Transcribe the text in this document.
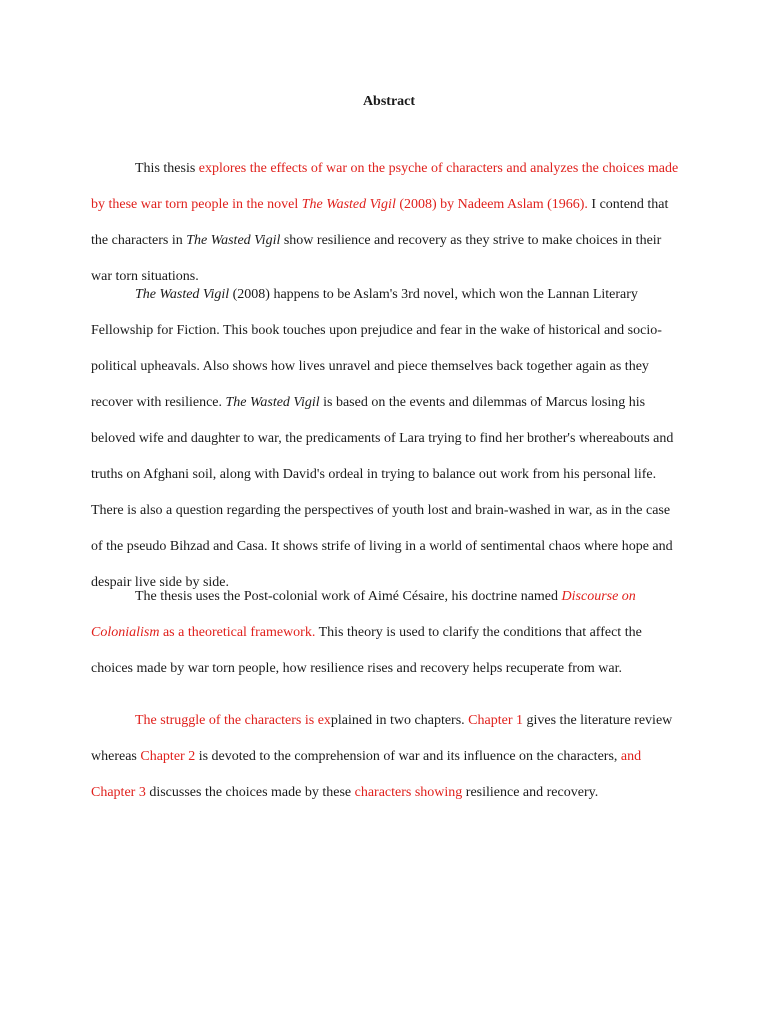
Abstract

This thesis explores the effects of war on the psyche of characters and analyzes the choices made by these war torn people in the novel The Wasted Vigil (2008) by Nadeem Aslam (1966). I contend that the characters in The Wasted Vigil show resilience and recovery as they strive to make choices in their war torn situations.

The Wasted Vigil (2008) happens to be Aslam's 3rd novel, which won the Lannan Literary Fellowship for Fiction. This book touches upon prejudice and fear in the wake of historical and socio-political upheavals. Also shows how lives unravel and piece themselves back together again as they recover with resilience. The Wasted Vigil is based on the events and dilemmas of Marcus losing his beloved wife and daughter to war, the predicaments of Lara trying to find her brother's whereabouts and truths on Afghani soil, along with David's ordeal in trying to balance out work from his personal life. There is also a question regarding the perspectives of youth lost and brain-washed in war, as in the case of the pseudo Bihzad and Casa. It shows strife of living in a world of sentimental chaos where hope and despair live side by side.

The thesis uses the Post-colonial work of Aimé Césaire, his doctrine named Discourse on Colonialism as a theoretical framework. This theory is used to clarify the conditions that affect the choices made by war torn people, how resilience rises and recovery helps recuperate from war.

The struggle of the characters is explained in two chapters. Chapter 1 gives the literature review whereas Chapter 2 is devoted to the comprehension of war and its influence on the characters, and Chapter 3 discusses the choices made by these characters showing resilience and recovery.
